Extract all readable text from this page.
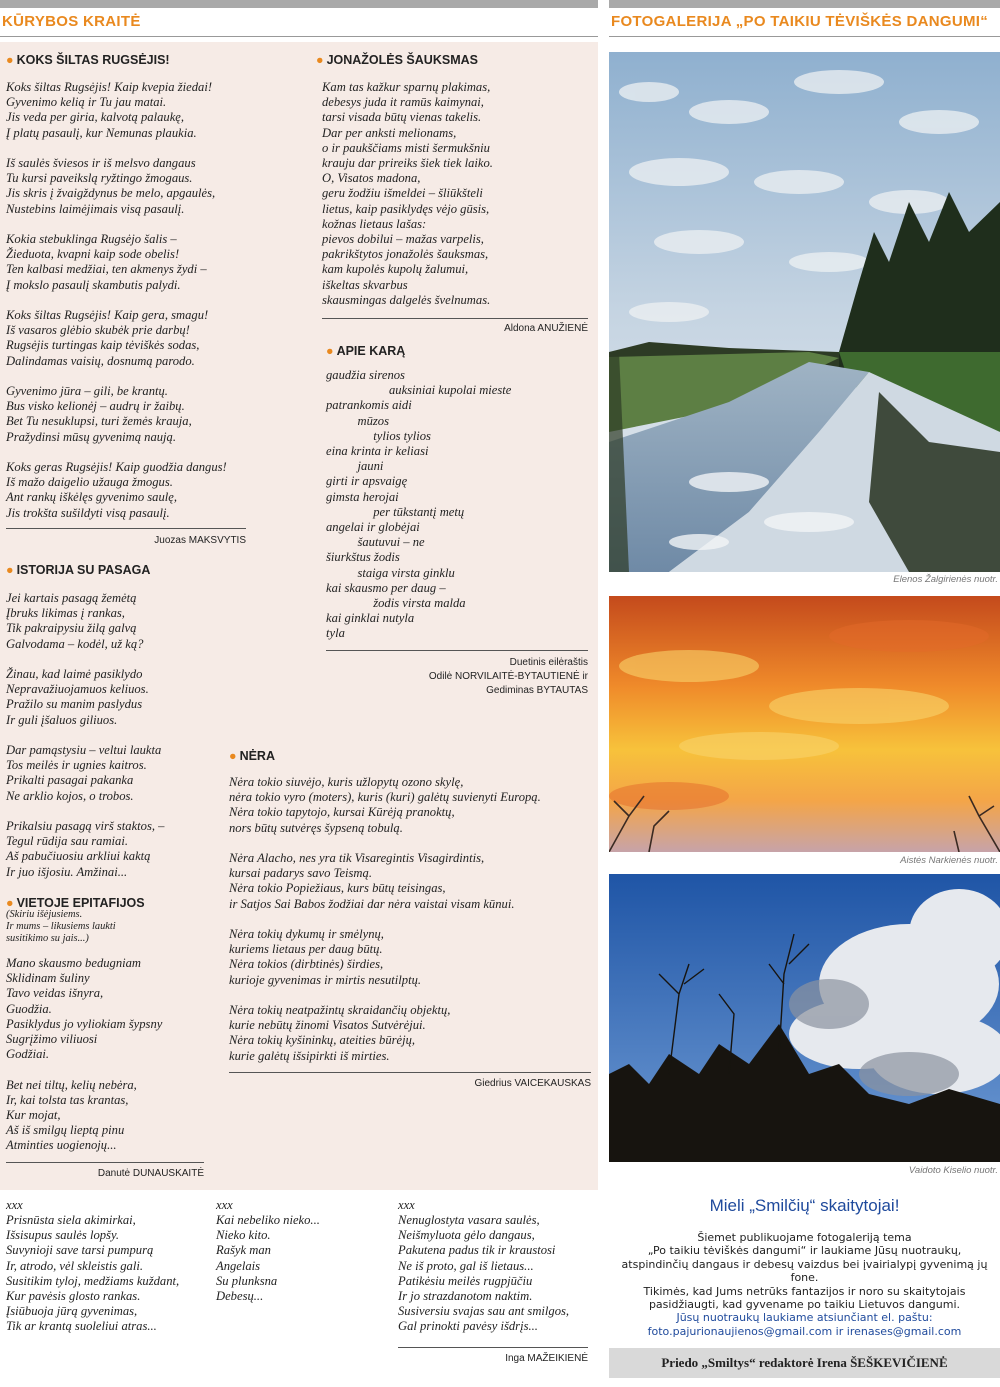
KŪRYBOS KRAITĖ	FOTOGALERIJA „PO TAIKIU TĖVIŠKĖS DANGUMI“
● KOKS ŠILTAS RUGSĖJIS!
Koks šiltas Rugsėjis! Kaip kvepia žiedai!
Gyvenimo kelią ir Tu jau matai.
Jis veda per giria, kalvotą palaukę,
Į platų pasaulį, kur Nemunas plaukia.

Iš saulės šviesos ir iš melsvo dangaus
Tu kursi paveikslą ryžtingo žmogaus.
Jis skris į žvaigždynus be melo, apgaulės,
Nustebins laimėjimais visą pasaulį.

Kokia stebuklinga Rugsėjo šalis –
Žieduota, kvapni kaip sode obelis!
Ten kalbasi medžiai, ten akmenys žydi –
Į mokslo pasaulį skambutis palydi.

Koks šiltas Rugsėjis! Kaip gera, smagu!
Iš vasaros glėbio skubėk prie darbų!
Rugsėjis turtingas kaip tėviškės sodas,
Dalindamas vaisių, dosnumą parodo.

Gyvenimo jūra – gili, be krantų.
Bus visko kelionėj – audrų ir žaibų.
Bet Tu nesuklupsi, turi žemės krauja,
Pražydinsi mūsų gyvenimą naują.

Koks geras Rugsėjis! Kaip guodžia dangus!
Iš mažo daigelio užauga žmogus.
Ant rankų iškėlęs gyvenimo saulę,
Jis trokšta sušildyti visą pasaulį.
Juozas MAKSVYTIS
● ISTORIJA SU PASAGA
Jei kartais pasagą žemėtą
Įbruks likimas į rankas,
Tik pakraipysiu žilą galvą
Galvodama – kodėl, už ką?

Žinau, kad laimė pasiklydo
Nepravažiuojamuos keliuos.
Pražilo su manim paslydus
Ir guli įšaluos giliuos.

Dar pamąstysiu – veltui laukta
Tos meilės ir ugnies kaitros.
Prikalti pasagai pakanka
Ne arklio kojos, o trobos.

Prikalsiu pasagą virš staktos, –
Tegul rūdija sau ramiai.
Aš pabučiuosiu arkliui kaktą
Ir juo išjosiu. Amžinai...
● VIETOJE EPITAFIJOS
(Skiriu išėjusiems.
Ir mums – likusiems laukti
susitikimo su jais...)
Mano skausmo bedugniam
Sklidinam šuliny
Tavo veidas išnyra,
Guodžia.
Pasiklydus jo vyliokiam šypsny
Sugrįžimo viliuosi
Godžiai.

Bet nei tiltų, kelių nebėra,
Ir, kai tolsta tas krantas,
Kur mojat,
Aš iš smilgų lieptą pinu
Atminties uogienojų...
Danutė DUNAUSKAITĖ
● JONAŽOLĖS ŠAUKSMAS
Kam tas kažkur sparnų plakimas,
debesys juda it ramūs kaimynai,
tarsi visada būtų vienas takelis.
Dar per anksti melionams,
o ir paukščiams misti šermukšniu
krauju dar prireiks šiek tiek laiko.
O, Visatos madona,
geru žodžiu išmeldei – šliūkšteli
lietus, kaip pasiklydęs vėjo gūsis,
kožnas lietaus lašas:
pievos dobilui – mažas varpelis,
pakrikštytos jonažolės šauksmas,
kam kupolės kupolų žalumui,
iškeltas skvarbus
skausmingas dalgelės švelnumas.
Aldona ANUŽIENĖ
● APIE KARĄ
gaudžia sirenos
auksiniai kupolai mieste
patrankomis aidi
mūzos
tylios tylios
eina krinta ir keliasi
jauni
girti ir apsvaigę
gimsta herojai
per tūkstantį metų
angelai ir globėjai
šautuvui – ne
šiurkštus žodis
staiga virsta ginklu
kai skausmo per daug –
žodis virsta malda
kai ginklai nutyla
tyla
Duetinis eilėraštis
Odilė NORVILAITĖ-BYTAUTIENĖ ir
Gediminas BYTAUTAS
● NĖRA
Nėra tokio siuvėjo, kuris užlopytų ozono skylę,
nėra tokio vyro (moters), kuris (kuri) galėtų suvienyti Europą.
Nėra tokio tapytojo, kursai Kūrėją pranoktų,
nors būtų sutvėręs šypseną tobulą.

Nėra Alacho, nes yra tik Visaregintis Visagirdintis,
kursai padarys savo Teismą.
Nėra tokio Popiežiaus, kurs būtų teisingas,
ir Satjos Sai Babos žodžiai dar nėra vaistai visam kūnui.

Nėra tokių dykumų ir smėlynų,
kuriems lietaus per daug būtų.
Nėra tokios (dirbtinės) širdies,
kurioje gyvenimas ir mirtis nesutilptų.

Nėra tokių neatpažintų skraidančių objektų,
kurie nebūtų žinomi Visatos Sutvėrėjui.
Nėra tokių kyšininkų, ateities būrėjų,
kurie galėtų išsipirkti iš mirties.
Giedrius VAICEKAUSKAS
xxx
Prisnūsta siela akimirkai,
Išsisupus saulės lopšy.
Suvynioji save tarsi pumpurą
Ir, atrodo, vėl skleistis gali.
Susitikim tyloj, medžiams kuždant,
Kur pavėsis glosto rankas.
Įsiūbuoja jūrą gyvenimas,
Tik ar krantą suoleliui atras...
xxx
Kai nebeliko nieko...
Nieko kito.
Rašyk man
Angelais
Su plunksna
Debesų...
xxx
Nenuglostyta vasara saulės,
Neišmyluota gėlo dangaus,
Pakutena padus tik ir kraustosi
Ne iš proto, gal iš lietaus...
Patikėsiu meilės rugpjūčiu
Ir jo strazdanotom naktim.
Susiversiu svajas sau ant smilgos,
Gal prinokti pavėsy išdrįs...
Inga MAŽEIKIENĖ
Elenos Žalgirienės nuotr.
Aistės Narkienės nuotr.
Vaidoto Kiselio nuotr.
Mieli „Smilčių“ skaitytojai!
Šiemet publikuojame fotogaleriją tema
„Po taikiu tėviškės dangumi“ ir laukiame Jūsų nuotraukų,
atspindinčių dangaus ir debesų vaizdus bei įvairialypį gyvenimą jų fone.
Tikimės, kad Jums netrūks fantazijos ir noro su skaitytojais
pasidžiaugti, kad gyvename po taikiu Lietuvos dangumi.
Jūsų nuotraukų laukiame atsiunčiant el. paštu:
foto.pajurionaujienos@gmail.com ir irenases@gmail.com
Priedo „Smiltys“ redaktorė Irena ŠEŠKEVIČIENĖ
